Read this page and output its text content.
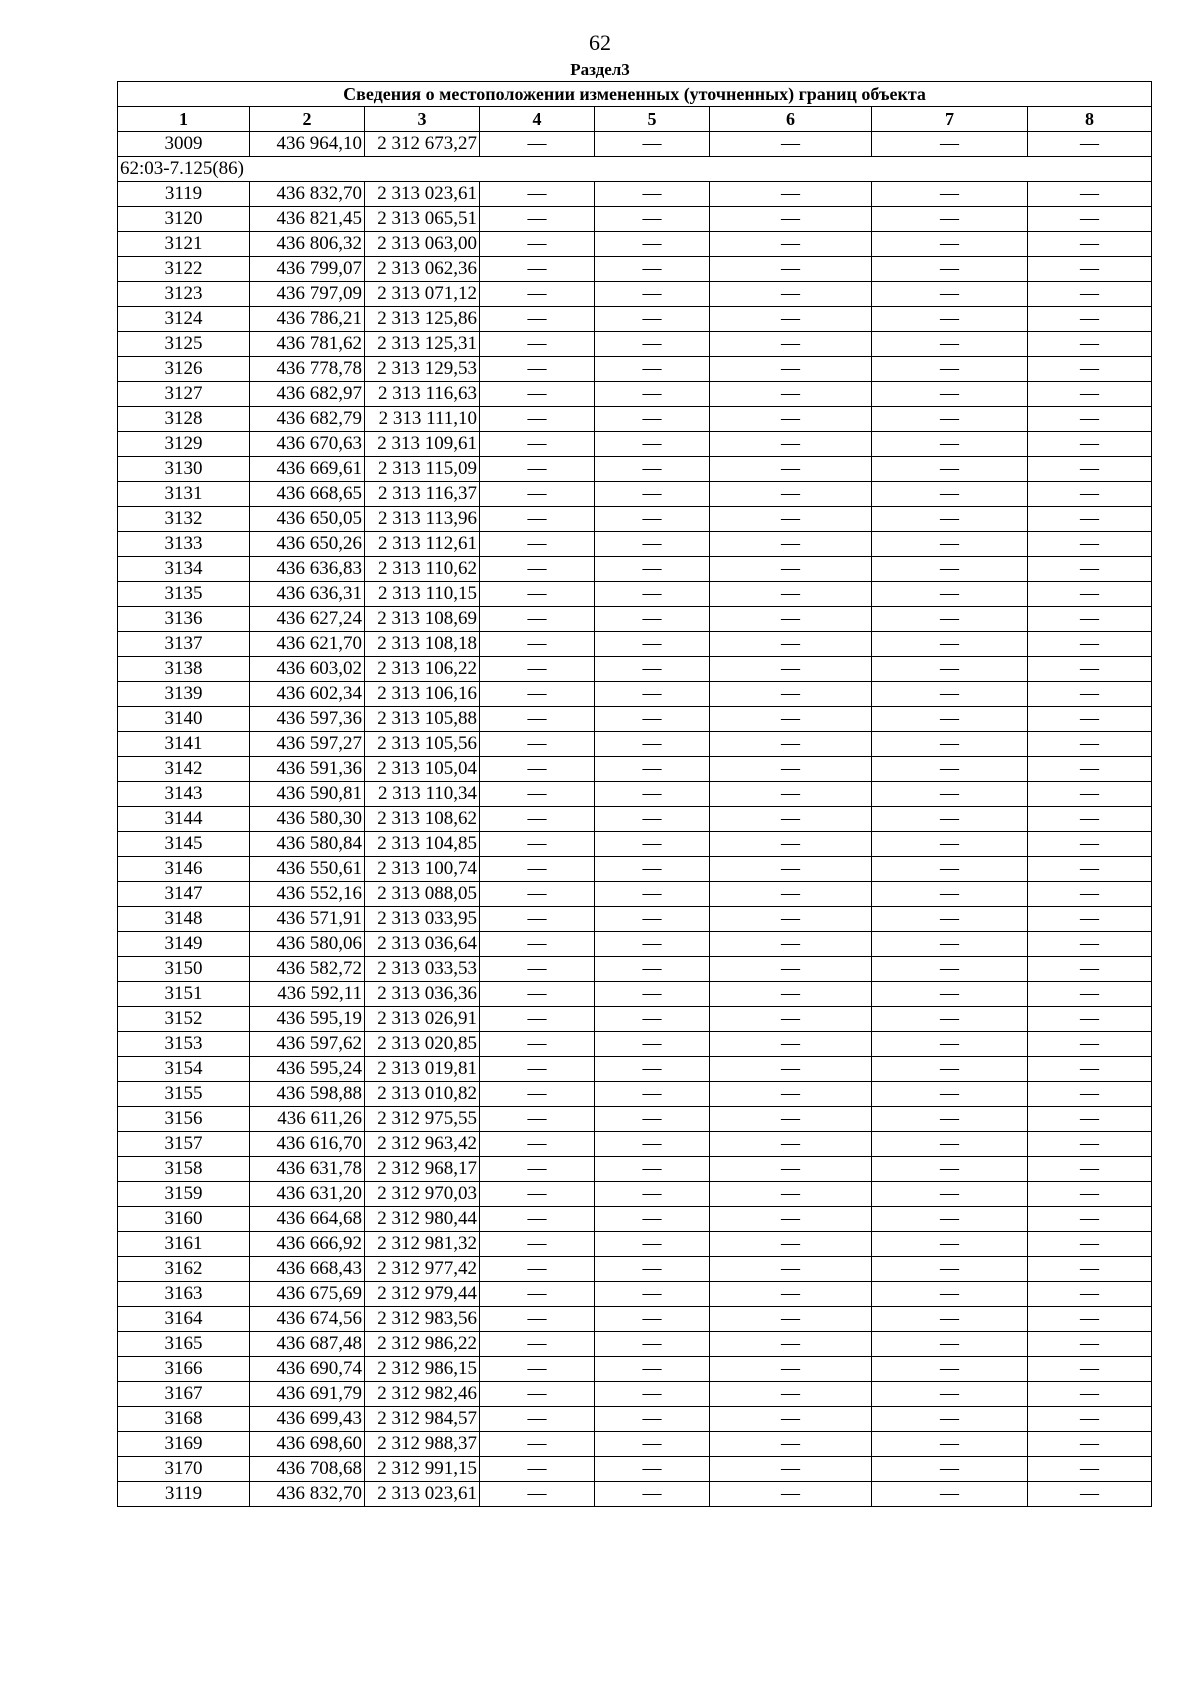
62
Раздел3
Сведения о местоположении измененных (уточненных) границ объекта							
1	2	3	4	5	6	7	8
3009	436 964,10	2 312 673,27	—	—	—	—	—
62:03-7.125(86)							
3119	436 832,70	2 313 023,61	—	—	—	—	—
3120	436 821,45	2 313 065,51	—	—	—	—	—
3121	436 806,32	2 313 063,00	—	—	—	—	—
3122	436 799,07	2 313 062,36	—	—	—	—	—
3123	436 797,09	2 313 071,12	—	—	—	—	—
3124	436 786,21	2 313 125,86	—	—	—	—	—
3125	436 781,62	2 313 125,31	—	—	—	—	—
3126	436 778,78	2 313 129,53	—	—	—	—	—
3127	436 682,97	2 313 116,63	—	—	—	—	—
3128	436 682,79	2 313 111,10	—	—	—	—	—
3129	436 670,63	2 313 109,61	—	—	—	—	—
3130	436 669,61	2 313 115,09	—	—	—	—	—
3131	436 668,65	2 313 116,37	—	—	—	—	—
3132	436 650,05	2 313 113,96	—	—	—	—	—
3133	436 650,26	2 313 112,61	—	—	—	—	—
3134	436 636,83	2 313 110,62	—	—	—	—	—
3135	436 636,31	2 313 110,15	—	—	—	—	—
3136	436 627,24	2 313 108,69	—	—	—	—	—
3137	436 621,70	2 313 108,18	—	—	—	—	—
3138	436 603,02	2 313 106,22	—	—	—	—	—
3139	436 602,34	2 313 106,16	—	—	—	—	—
3140	436 597,36	2 313 105,88	—	—	—	—	—
3141	436 597,27	2 313 105,56	—	—	—	—	—
3142	436 591,36	2 313 105,04	—	—	—	—	—
3143	436 590,81	2 313 110,34	—	—	—	—	—
3144	436 580,30	2 313 108,62	—	—	—	—	—
3145	436 580,84	2 313 104,85	—	—	—	—	—
3146	436 550,61	2 313 100,74	—	—	—	—	—
3147	436 552,16	2 313 088,05	—	—	—	—	—
3148	436 571,91	2 313 033,95	—	—	—	—	—
3149	436 580,06	2 313 036,64	—	—	—	—	—
3150	436 582,72	2 313 033,53	—	—	—	—	—
3151	436 592,11	2 313 036,36	—	—	—	—	—
3152	436 595,19	2 313 026,91	—	—	—	—	—
3153	436 597,62	2 313 020,85	—	—	—	—	—
3154	436 595,24	2 313 019,81	—	—	—	—	—
3155	436 598,88	2 313 010,82	—	—	—	—	—
3156	436 611,26	2 312 975,55	—	—	—	—	—
3157	436 616,70	2 312 963,42	—	—	—	—	—
3158	436 631,78	2 312 968,17	—	—	—	—	—
3159	436 631,20	2 312 970,03	—	—	—	—	—
3160	436 664,68	2 312 980,44	—	—	—	—	—
3161	436 666,92	2 312 981,32	—	—	—	—	—
3162	436 668,43	2 312 977,42	—	—	—	—	—
3163	436 675,69	2 312 979,44	—	—	—	—	—
3164	436 674,56	2 312 983,56	—	—	—	—	—
3165	436 687,48	2 312 986,22	—	—	—	—	—
3166	436 690,74	2 312 986,15	—	—	—	—	—
3167	436 691,79	2 312 982,46	—	—	—	—	—
3168	436 699,43	2 312 984,57	—	—	—	—	—
3169	436 698,60	2 312 988,37	—	—	—	—	—
3170	436 708,68	2 312 991,15	—	—	—	—	—
3119	436 832,70	2 313 023,61	—	—	—	—	—
